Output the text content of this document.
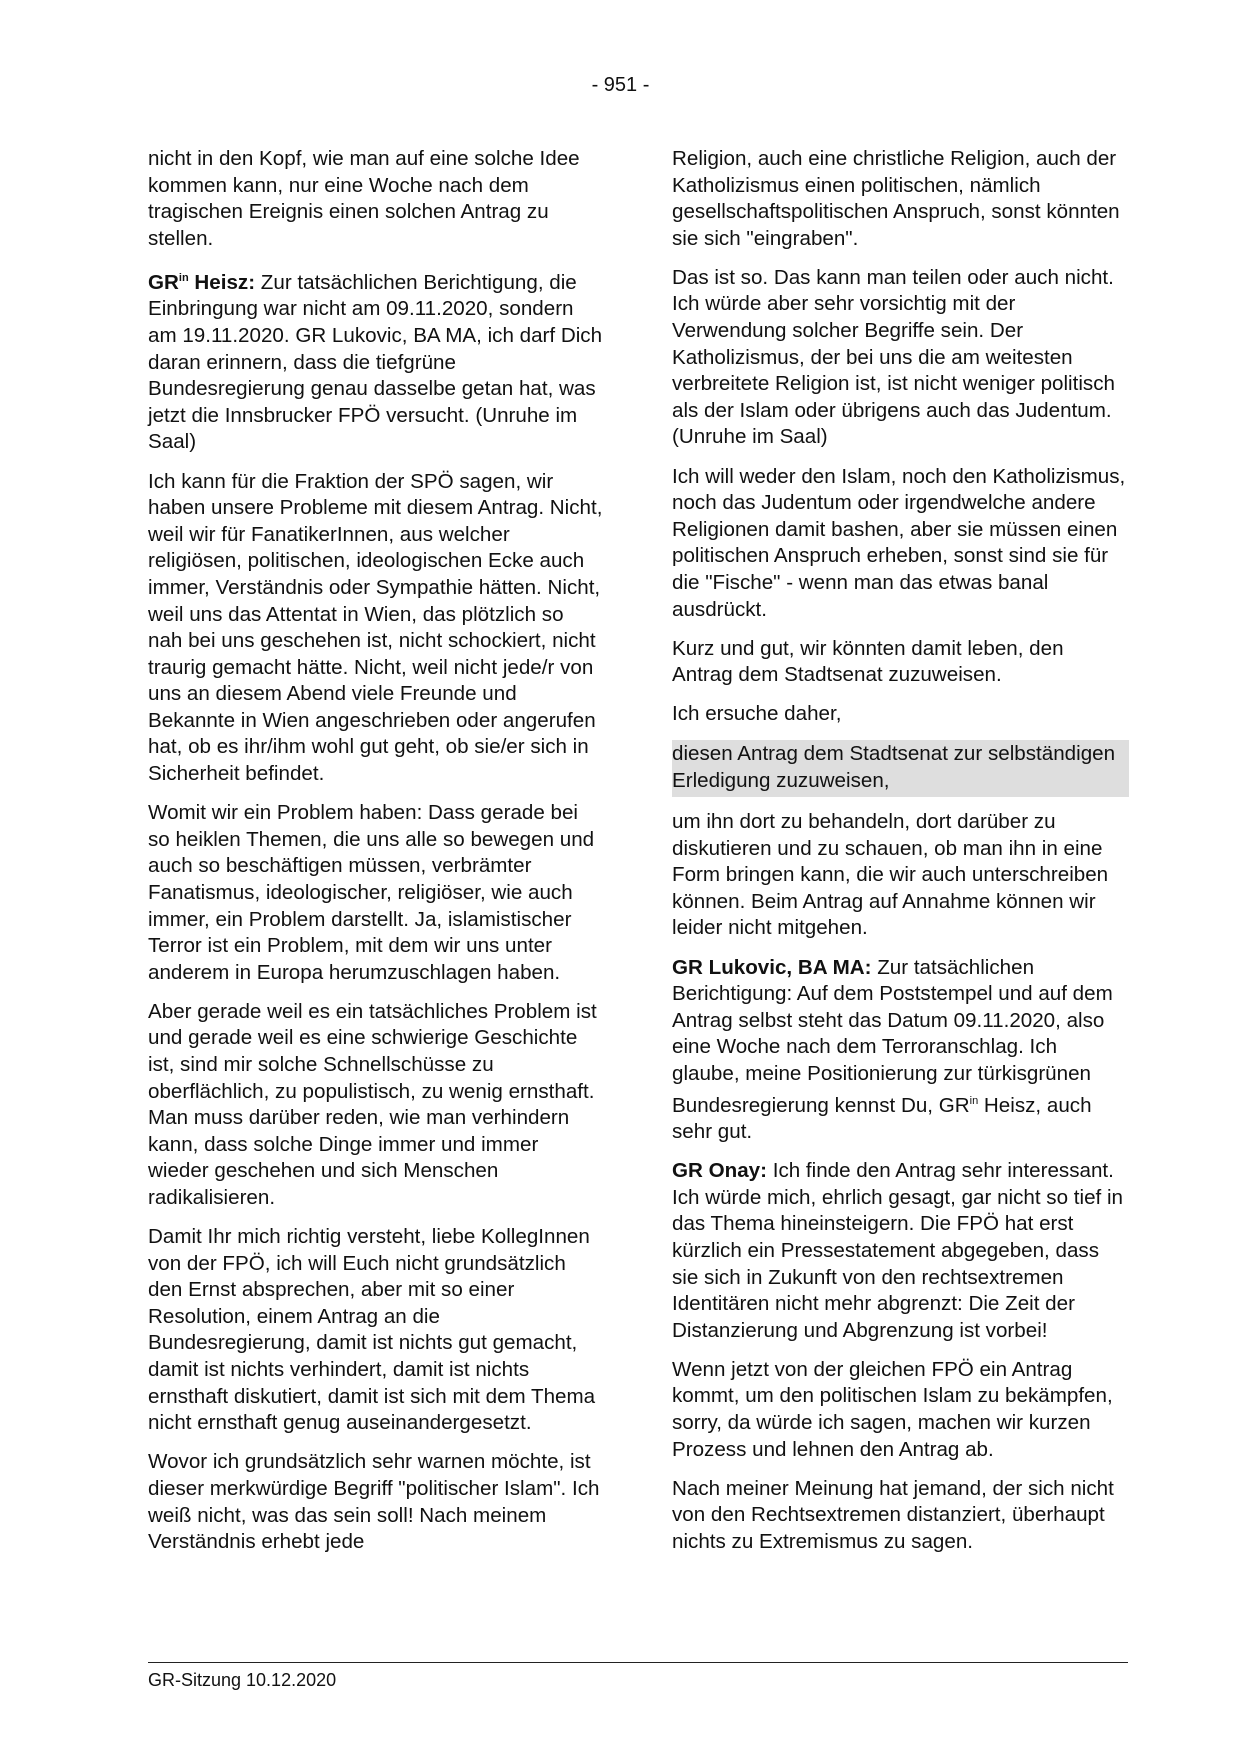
- 951 -

nicht in den Kopf, wie man auf eine solche Idee kommen kann, nur eine Woche nach dem tragischen Ereignis einen solchen Antrag zu stellen.

$GR^{in}$ Heisz: Zur tatsächlichen Berichtigung, die Einbringung war nicht am 09.11.2020, sondern am 19.11.2020. GR Lukovic, BA MA, ich darf Dich daran erinnern, dass die tiefgrüne Bundesregierung genau dasselbe getan hat, was jetzt die Innsbrucker FPÖ versucht. (Unruhe im Saal)

Ich kann für die Fraktion der SPÖ sagen, wir haben unsere Probleme mit diesem Antrag. Nicht, weil wir für FanatikerInnen, aus welcher religiösen, politischen, ideologischen Ecke auch immer, Verständnis oder Sympathie hätten. Nicht, weil uns das Attentat in Wien, das plötzlich so nah bei uns geschehen ist, nicht schockiert, nicht traurig gemacht hätte. Nicht, weil nicht jede/r von uns an diesem Abend viele Freunde und Bekannte in Wien angeschrieben oder angerufen hat, ob es ihr/ihm wohl gut geht, ob sie/er sich in Sicherheit befindet.

Womit wir ein Problem haben: Dass gerade bei so heiklen Themen, die uns alle so bewegen und auch so beschäftigen müssen, verbrämter Fanatismus, ideologischer, religiöser, wie auch immer, ein Problem darstellt. Ja, islamistischer Terror ist ein Problem, mit dem wir uns unter anderem in Europa herumzuschlagen haben.

Aber gerade weil es ein tatsächliches Problem ist und gerade weil es eine schwierige Geschichte ist, sind mir solche Schnellschüsse zu oberflächlich, zu populistisch, zu wenig ernsthaft. Man muss darüber reden, wie man verhindern kann, dass solche Dinge immer und immer wieder geschehen und sich Menschen radikalisieren.

Damit Ihr mich richtig versteht, liebe KollegInnen von der FPÖ, ich will Euch nicht grundsätzlich den Ernst absprechen, aber mit so einer Resolution, einem Antrag an die Bundesregierung, damit ist nichts gut gemacht, damit ist nichts verhindert, damit ist nichts ernsthaft diskutiert, damit ist sich mit dem Thema nicht ernsthaft genug auseinandergesetzt.

Wovor ich grundsätzlich sehr warnen möchte, ist dieser merkwürdige Begriff "politischer Islam". Ich weiß nicht, was das sein soll! Nach meinem Verständnis erhebt jede

Religion, auch eine christliche Religion, auch der Katholizismus einen politischen, nämlich gesellschaftspolitischen Anspruch, sonst könnten sie sich "eingraben".

Das ist so. Das kann man teilen oder auch nicht. Ich würde aber sehr vorsichtig mit der Verwendung solcher Begriffe sein. Der Katholizismus, der bei uns die am weitesten verbreitete Religion ist, ist nicht weniger politisch als der Islam oder übrigens auch das Judentum. (Unruhe im Saal)

Ich will weder den Islam, noch den Katholizismus, noch das Judentum oder irgendwelche andere Religionen damit bashen, aber sie müssen einen politischen Anspruch erheben, sonst sind sie für die "Fische" - wenn man das etwas banal ausdrückt.

Kurz und gut, wir könnten damit leben, den Antrag dem Stadtsenat zuzuweisen.

Ich ersuche daher,

diesen Antrag dem Stadtsenat zur selbständigen Erledigung zuzuweisen,

um ihn dort zu behandeln, dort darüber zu diskutieren und zu schauen, ob man ihn in eine Form bringen kann, die wir auch unterschreiben können. Beim Antrag auf Annahme können wir leider nicht mitgehen.

GR Lukovic, BA MA: Zur tatsächlichen Berichtigung: Auf dem Poststempel und auf dem Antrag selbst steht das Datum 09.11.2020, also eine Woche nach dem Terroranschlag. Ich glaube, meine Positionierung zur türkisgrünen Bundesregierung kennst Du, $GR^{in}$ Heisz, auch sehr gut.

GR Onay: Ich finde den Antrag sehr interessant. Ich würde mich, ehrlich gesagt, gar nicht so tief in das Thema hineinsteigern. Die FPÖ hat erst kürzlich ein Pressestatement abgegeben, dass sie sich in Zukunft von den rechtsextremen Identitären nicht mehr abgrenzt: Die Zeit der Distanzierung und Abgrenzung ist vorbei!

Wenn jetzt von der gleichen FPÖ ein Antrag kommt, um den politischen Islam zu bekämpfen, sorry, da würde ich sagen, machen wir kurzen Prozess und lehnen den Antrag ab.

Nach meiner Meinung hat jemand, der sich nicht von den Rechtsextremen distanziert, überhaupt nichts zu Extremismus zu sagen.

GR-Sitzung 10.12.2020
